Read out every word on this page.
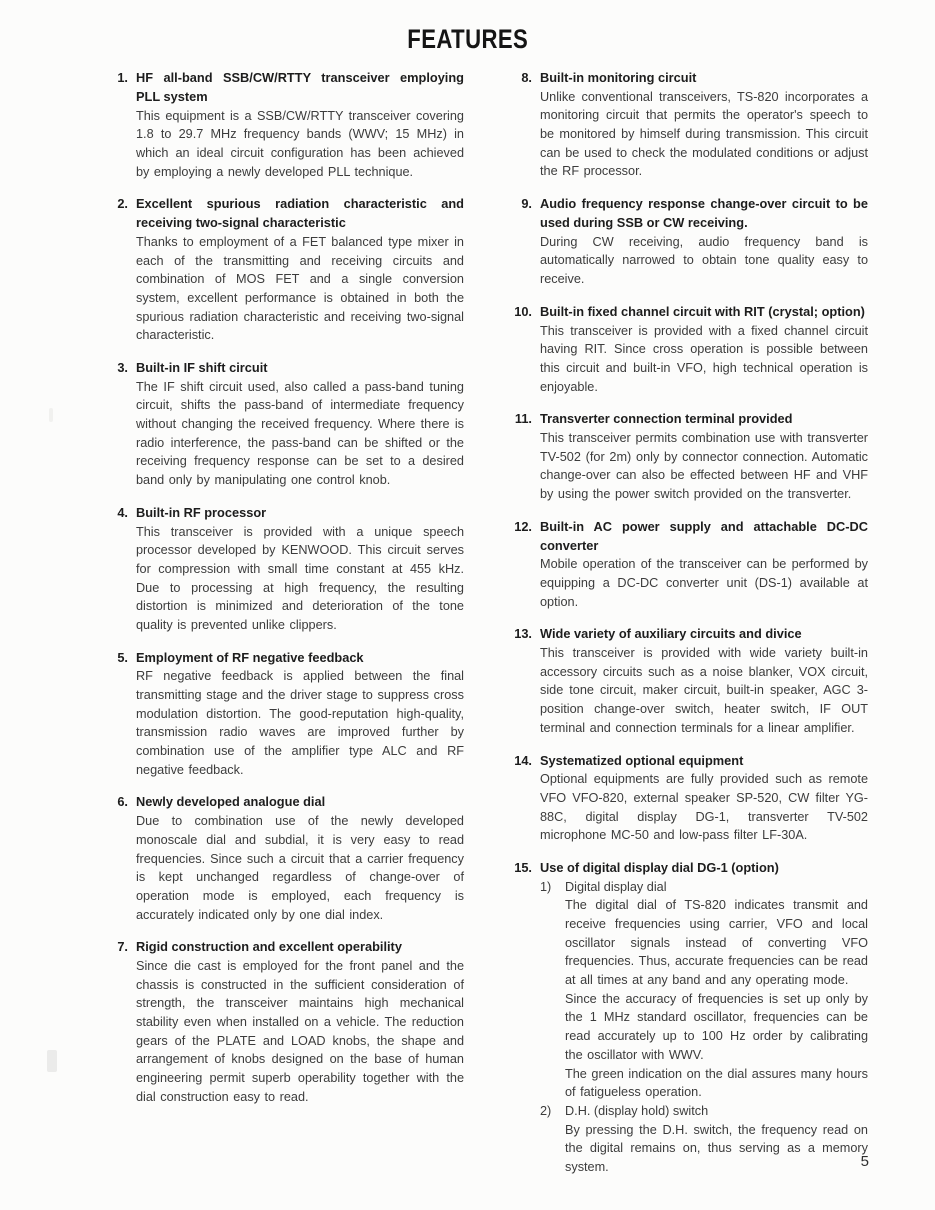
FEATURES
1. HF all-band SSB/CW/RTTY transceiver employing PLL system

This equipment is a SSB/CW/RTTY transceiver covering 1.8 to 29.7 MHz frequency bands (WWV; 15 MHz) in which an ideal circuit configuration has been achieved by employing a newly developed PLL technique.

2. Excellent spurious radiation characteristic and receiving two-signal characteristic

Thanks to employment of a FET balanced type mixer in each of the transmitting and receiving circuits and combination of MOS FET and a single conversion system, excellent performance is obtained in both the spurious radiation characteristic and receiving two-signal characteristic.

3. Built-in IF shift circuit

The IF shift circuit used, also called a pass-band tuning circuit, shifts the pass-band of intermediate frequency without changing the received frequency. Where there is radio interference, the pass-band can be shifted or the receiving frequency response can be set to a desired band only by manipulating one control knob.

4. Built-in RF processor

This transceiver is provided with a unique speech processor developed by KENWOOD. This circuit serves for compression with small time constant at 455 kHz. Due to processing at high frequency, the resulting distortion is minimized and deterioration of the tone quality is prevented unlike clippers.

5. Employment of RF negative feedback

RF negative feedback is applied between the final transmitting stage and the driver stage to suppress cross modulation distortion. The good-reputation high-quality, transmission radio waves are improved further by combination use of the amplifier type ALC and RF negative feedback.

6. Newly developed analogue dial

Due to combination use of the newly developed monoscale dial and subdial, it is very easy to read frequencies. Since such a circuit that a carrier frequency is kept unchanged regardless of change-over of operation mode is employed, each frequency is accurately indicated only by one dial index.

7. Rigid construction and excellent operability

Since die cast is employed for the front panel and the chassis is constructed in the sufficient consideration of strength, the transceiver maintains high mechanical stability even when installed on a vehicle. The reduction gears of the PLATE and LOAD knobs, the shape and arrangement of knobs designed on the base of human engineering permit superb operability together with the dial construction easy to read.

8. Built-in monitoring circuit

Unlike conventional transceivers, TS-820 incorporates a monitoring circuit that permits the operator's speech to be monitored by himself during transmission. This circuit can be used to check the modulated conditions or adjust the RF processor.

9. Audio frequency response change-over circuit to be used during SSB or CW receiving.

During CW receiving, audio frequency band is automatically narrowed to obtain tone quality easy to receive.

10. Built-in fixed channel circuit with RIT (crystal; option)

This transceiver is provided with a fixed channel circuit having RIT. Since cross operation is possible between this circuit and built-in VFO, high technical operation is enjoyable.

11. Transverter connection terminal provided

This transceiver permits combination use with transverter TV-502 (for 2m) only by connector connection. Automatic change-over can also be effected between HF and VHF by using the power switch provided on the transverter.

12. Built-in AC power supply and attachable DC-DC converter

Mobile operation of the transceiver can be performed by equipping a DC-DC converter unit (DS-1) available at option.

13. Wide variety of auxiliary circuits and divice

This transceiver is provided with wide variety built-in accessory circuits such as a noise blanker, VOX circuit, side tone circuit, maker circuit, built-in speaker, AGC 3-position change-over switch, heater switch, IF OUT terminal and connection terminals for a linear amplifier.

14. Systematized optional equipment

Optional equipments are fully provided such as remote VFO VFO-820, external speaker SP-520, CW filter YG-88C, digital display DG-1, transverter TV-502 microphone MC-50 and low-pass filter LF-30A.

15. Use of digital display dial DG-1 (option)
1)	Digital display dial

The digital dial of TS-820 indicates transmit and receive frequencies using carrier, VFO and local oscillator signals instead of converting VFO frequencies. Thus, accurate frequencies can be read at all times at any band and any operating mode.

Since the accuracy of frequencies is set up only by the 1 MHz standard oscillator, frequencies can be read accurately up to 100 Hz order by calibrating the oscillator with WWV.

The green indication on the dial assures many hours of fatigueless operation.

2)	D.H. (display hold) switch

By pressing the D.H. switch, the frequency read on the digital remains on, thus serving as a memory system.	5
